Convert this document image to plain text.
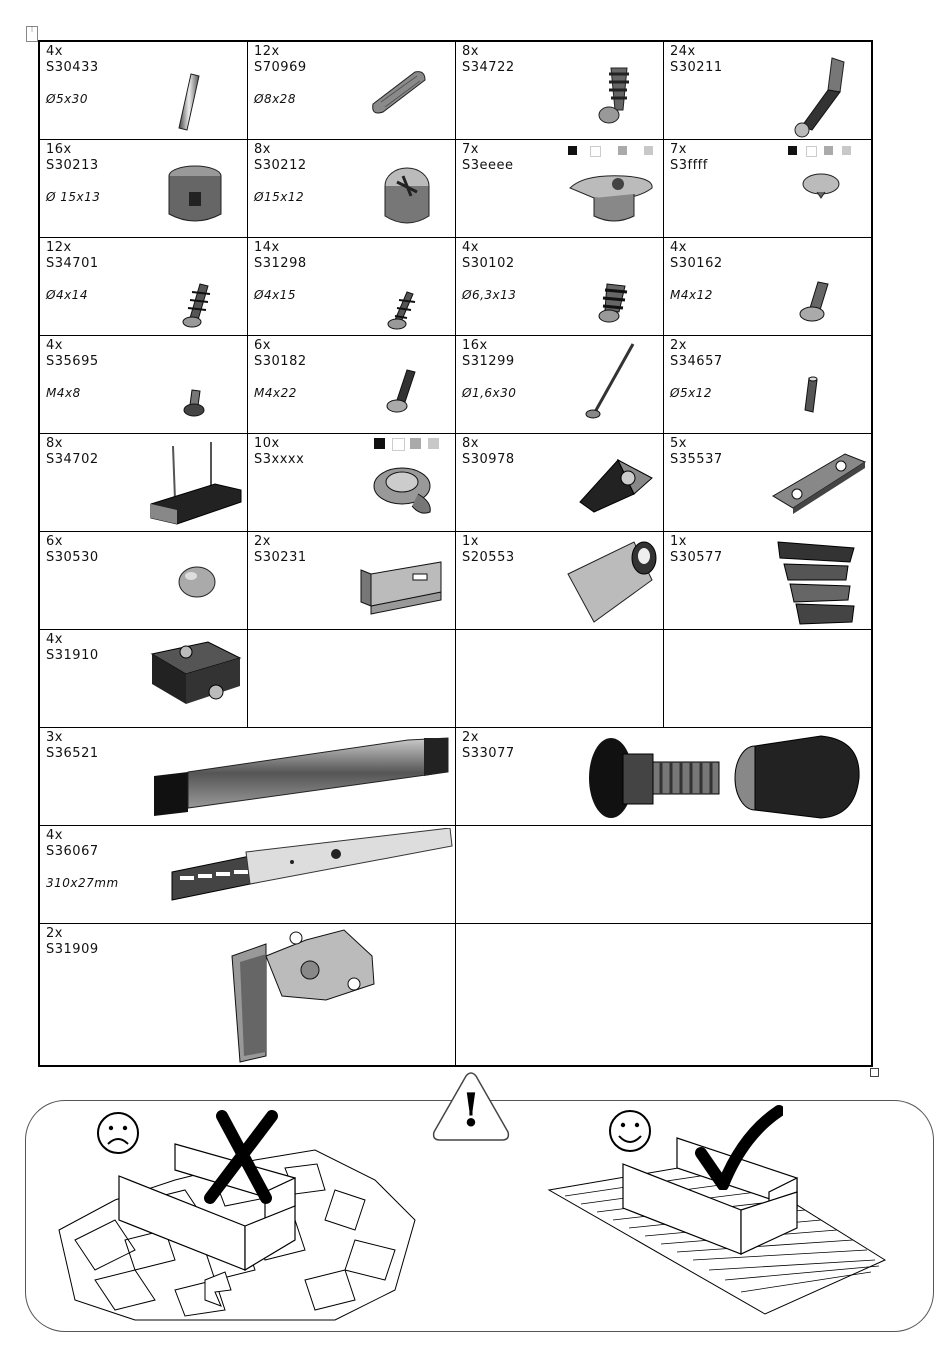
⁝
4x
S30433
Ø5x30
12x
S70969
Ø8x28
8x
S34722
24x
S30211
16x
S30213
Ø 15x13
8x
S30212
Ø15x12
7x
S3eeee
7x
S3ffff
12x
S34701
Ø4x14
14x
S31298
Ø4x15
4x
S30102
Ø6,3x13
4x
S30162
M4x12
4x
S35695
M4x8
6x
S30182
M4x22
16x
S31299
Ø1,6x30
2x
S34657
Ø5x12
8x
S34702
10x
S3xxxx
8x
S30978
5x
S35537
6x
S30530
2x
S30231
1x
S20553
1x
S30577
4x
S31910
3x
S36521
2x
S33077
4x
S36067
310x27mm
2x
S31909
!
